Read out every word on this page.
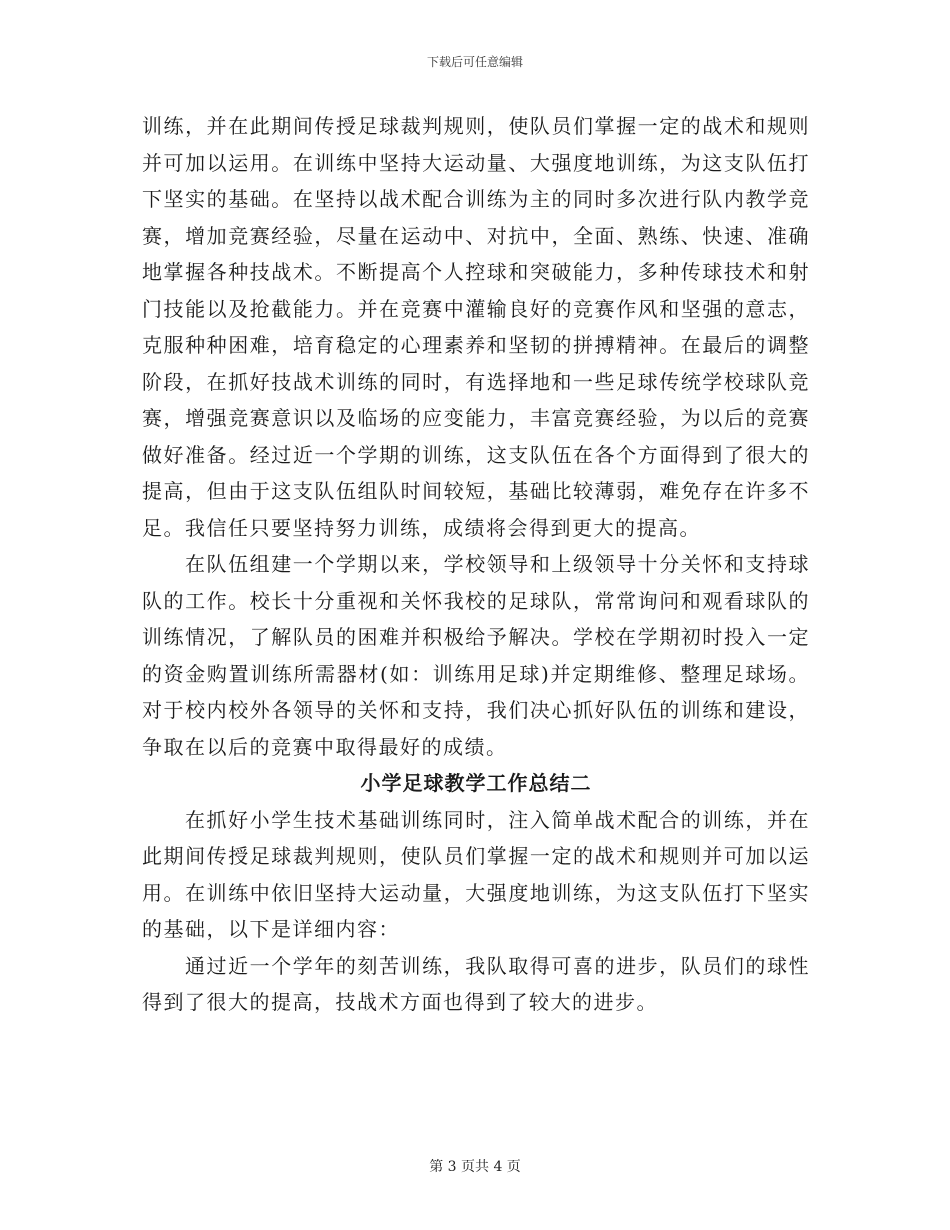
下载后可任意编辑

训练，并在此期间传授足球裁判规则，使队员们掌握一定的战术和规则并可加以运用。在训练中坚持大运动量、大强度地训练，为这支队伍打下坚实的基础。在坚持以战术配合训练为主的同时多次进行队内教学竞赛，增加竞赛经验，尽量在运动中、对抗中，全面、熟练、快速、准确地掌握各种技战术。不断提高个人控球和突破能力，多种传球技术和射门技能以及抢截能力。并在竞赛中灌输良好的竞赛作风和坚强的意志，克服种种困难，培育稳定的心理素养和坚韧的拼搏精神。在最后的调整阶段，在抓好技战术训练的同时，有选择地和一些足球传统学校球队竞赛，增强竞赛意识以及临场的应变能力，丰富竞赛经验，为以后的竞赛做好准备。经过近一个学期的训练，这支队伍在各个方面得到了很大的提高，但由于这支队伍组队时间较短，基础比较薄弱，难免存在许多不足。我信任只要坚持努力训练，成绩将会得到更大的提高。

在队伍组建一个学期以来，学校领导和上级领导十分关怀和支持球队的工作。校长十分重视和关怀我校的足球队，常常询问和观看球队的训练情况，了解队员的困难并积极给予解决。学校在学期初时投入一定的资金购置训练所需器材(如：训练用足球)并定期维修、整理足球场。对于校内校外各领导的关怀和支持，我们决心抓好队伍的训练和建设，争取在以后的竞赛中取得最好的成绩。

小学足球教学工作总结二

在抓好小学生技术基础训练同时，注入简单战术配合的训练，并在此期间传授足球裁判规则，使队员们掌握一定的战术和规则并可加以运用。在训练中依旧坚持大运动量，大强度地训练，为这支队伍打下坚实的基础，以下是详细内容：

通过近一个学年的刻苦训练，我队取得可喜的进步，队员们的球性得到了很大的提高，技战术方面也得到了较大的进步。

第 3 页共 4 页
